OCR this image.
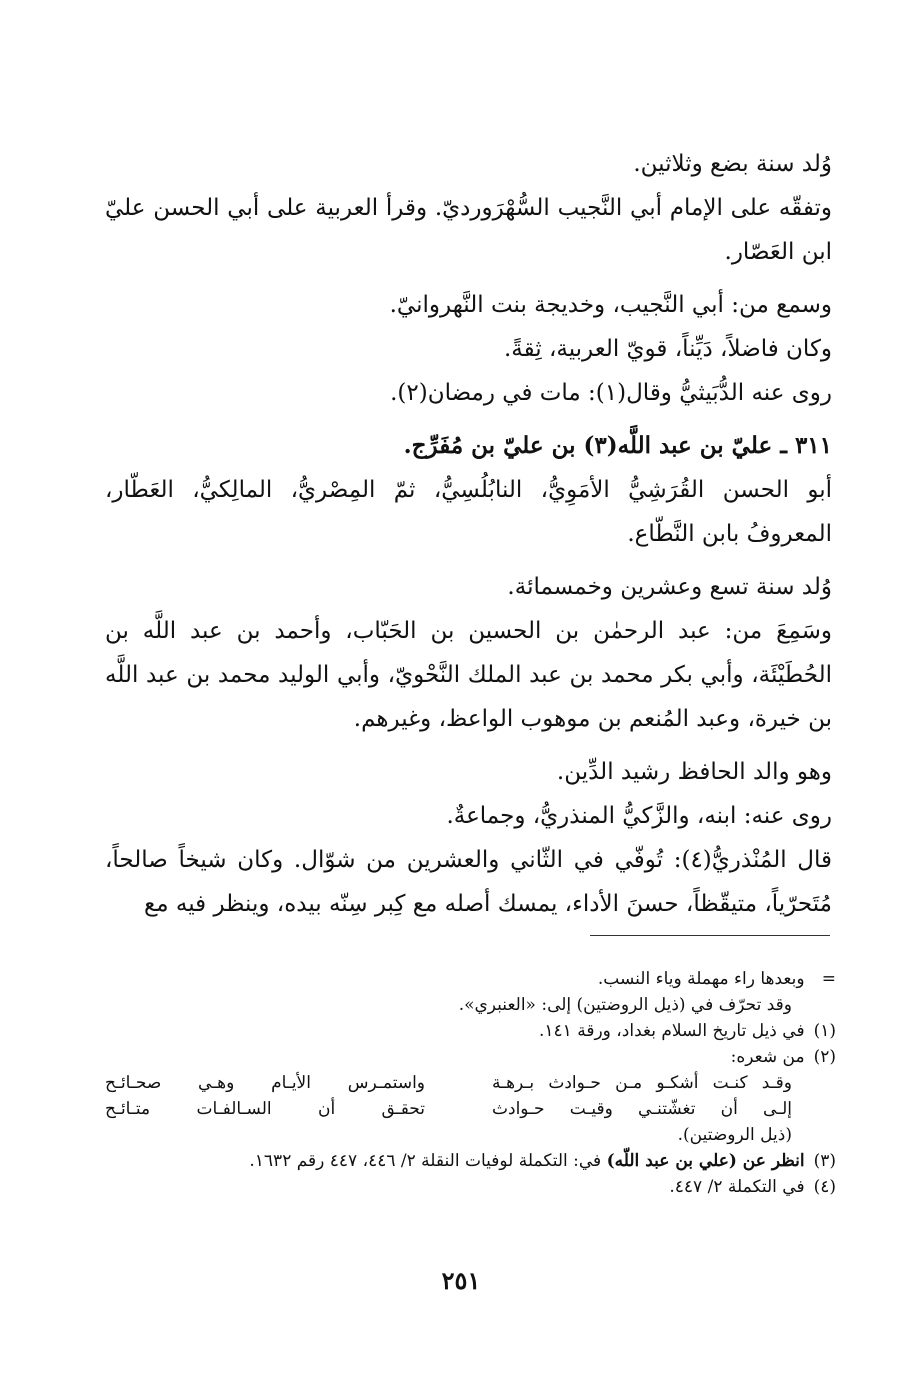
وُلد سنة بضع وثلاثين.

وتفقّه على الإمام أبي النَّجيب السُّهْرَورديّ. وقرأ العربية على أبي الحسن عليّ ابن العَصّار.

وسمع من: أبي النَّجيب، وخديجة بنت النَّهروانيّ.

وكان فاضلاً، دَيِّناً، قويّ العربية، ثِقةً.

روى عنه الدُّبَيثيُّ وقال(١): مات في رمضان(٢).

٣١١ ـ عليّ بن عبد اللَّه(٣) بن عليّ بن مُفَرِّج.

أبو الحسن القُرَشِيُّ الأمَوِيُّ، النابُلُسِيُّ، ثمّ المِصْريُّ، المالِكيُّ، العَطّار، المعروفُ بابن النَّطّاع.

وُلد سنة تسع وعشرين وخمسمائة.

وسَمِعَ من: عبد الرحمٰن بن الحسين بن الحَبّاب، وأحمد بن عبد اللَّه بن الحُطَيْئَة، وأبي بكر محمد بن عبد الملك النَّحْويّ، وأبي الوليد محمد بن عبد اللَّه بن خيرة، وعبد المُنعم بن موهوب الواعظ، وغيرهم.

وهو والد الحافظ رشيد الدِّين.

روى عنه: ابنه، والزَّكيُّ المنذريُّ، وجماعةٌ.

قال المُنْذريُّ(٤): تُوفّي في الثّاني والعشرين من شوّال. وكان شيخاً صالحاً، مُتَحرّياً، متيقّظاً، حسنَ الأداء، يمسك أصله مع كِبر سِنّه بيده، وينظر فيه مع

= وبعدها راء مهملة وياء النسب.

وقد تحرّف في (ذيل الروضتين) إلى: «العنبري».

(١) في ذيل تاريخ السلام بغداد، ورقة ١٤١.

(٢) من شعره:

وقـد كنـت أشكـو مـن حـوادث بـرهـة
واستمـرس الأيـام وهـي صحـائـح
إلـى أن تغشّتنـي وقيـت حـوادث
تحقـق أن السـالفـات متـائـح

(ذيل الروضتين).

(٣) انظر عن (علي بن عبد اللّه) في: التكملة لوفيات النقلة ٢/ ٤٤٦، ٤٤٧ رقم ١٦٣٢.

(٤) في التكملة ٢/ ٤٤٧.

٢٥١
